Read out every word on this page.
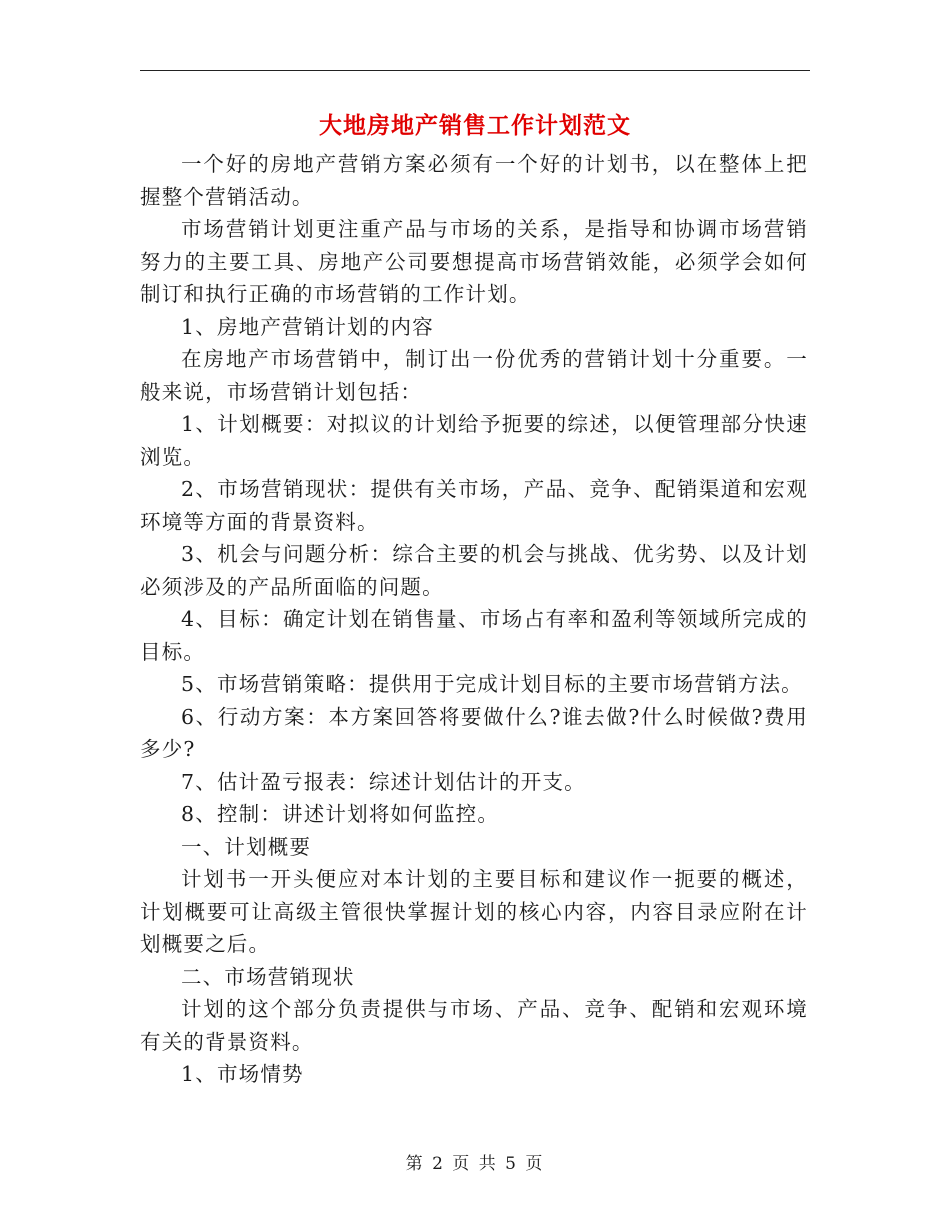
大地房地产销售工作计划范文

一个好的房地产营销方案必须有一个好的计划书，以在整体上把握整个营销活动。

市场营销计划更注重产品与市场的关系，是指导和协调市场营销努力的主要工具、房地产公司要想提高市场营销效能，必须学会如何制订和执行正确的市场营销的工作计划。

1、房地产营销计划的内容

在房地产市场营销中，制订出一份优秀的营销计划十分重要。一般来说，市场营销计划包括：

1、计划概要：对拟议的计划给予扼要的综述，以便管理部分快速浏览。

2、市场营销现状：提供有关市场，产品、竞争、配销渠道和宏观环境等方面的背景资料。

3、机会与问题分析：综合主要的机会与挑战、优劣势、以及计划必须涉及的产品所面临的问题。

4、目标：确定计划在销售量、市场占有率和盈利等领域所完成的目标。

5、市场营销策略：提供用于完成计划目标的主要市场营销方法。

6、行动方案：本方案回答将要做什么?谁去做?什么时候做?费用多少?

7、估计盈亏报表：综述计划估计的开支。

8、控制：讲述计划将如何监控。

一、计划概要

计划书一开头便应对本计划的主要目标和建议作一扼要的概述，计划概要可让高级主管很快掌握计划的核心内容，内容目录应附在计划概要之后。

二、市场营销现状

计划的这个部分负责提供与市场、产品、竞争、配销和宏观环境有关的背景资料。

1、市场情势

第 2 页 共 5 页
